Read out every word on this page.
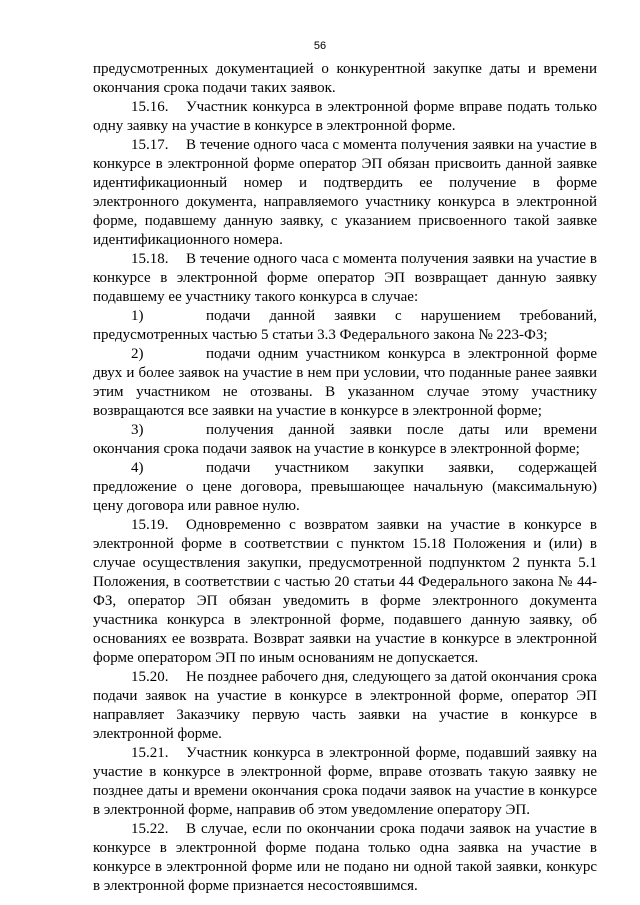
56

предусмотренных документацией о конкурентной закупке даты и времени окончания срока подачи таких заявок.

15.16. Участник конкурса в электронной форме вправе подать только одну заявку на участие в конкурсе в электронной форме.

15.17. В течение одного часа с момента получения заявки на участие в конкурсе в электронной форме оператор ЭП обязан присвоить данной заявке идентификационный номер и подтвердить ее получение в форме электронного документа, направляемого участнику конкурса в электронной форме, подавшему данную заявку, с указанием присвоенного такой заявке идентификационного номера.

15.18. В течение одного часа с момента получения заявки на участие в конкурсе в электронной форме оператор ЭП возвращает данную заявку подавшему ее участнику такого конкурса в случае:

1)	подачи данной заявки с нарушением требований, предусмотренных частью 5 статьи 3.3 Федерального закона № 223-ФЗ;

2)	подачи одним участником конкурса в электронной форме двух и более заявок на участие в нем при условии, что поданные ранее заявки этим участником не отозваны. В указанном случае этому участнику возвращаются все заявки на участие в конкурсе в электронной форме;

3)	получения данной заявки после даты или времени окончания срока подачи заявок на участие в конкурсе в электронной форме;

4)	подачи участником закупки заявки, содержащей предложение о цене договора, превышающее начальную (максимальную) цену договора или равное нулю.

15.19. Одновременно с возвратом заявки на участие в конкурсе в электронной форме в соответствии с пунктом 15.18 Положения и (или) в случае осуществления закупки, предусмотренной подпунктом 2 пункта 5.1 Положения, в соответствии с частью 20 статьи 44 Федерального закона № 44-ФЗ, оператор ЭП обязан уведомить в форме электронного документа участника конкурса в электронной форме, подавшего данную заявку, об основаниях ее возврата. Возврат заявки на участие в конкурсе в электронной форме оператором ЭП по иным основаниям не допускается.

15.20. Не позднее рабочего дня, следующего за датой окончания срока подачи заявок на участие в конкурсе в электронной форме, оператор ЭП направляет Заказчику первую часть заявки на участие в конкурсе в электронной форме.

15.21. Участник конкурса в электронной форме, подавший заявку на участие в конкурсе в электронной форме, вправе отозвать такую заявку не позднее даты и времени окончания срока подачи заявок на участие в конкурсе в электронной форме, направив об этом уведомление оператору ЭП.

15.22. В случае, если по окончании срока подачи заявок на участие в конкурсе в электронной форме подана только одна заявка на участие в конкурсе в электронной форме или не подано ни одной такой заявки, конкурс в электронной форме признается несостоявшимся.
